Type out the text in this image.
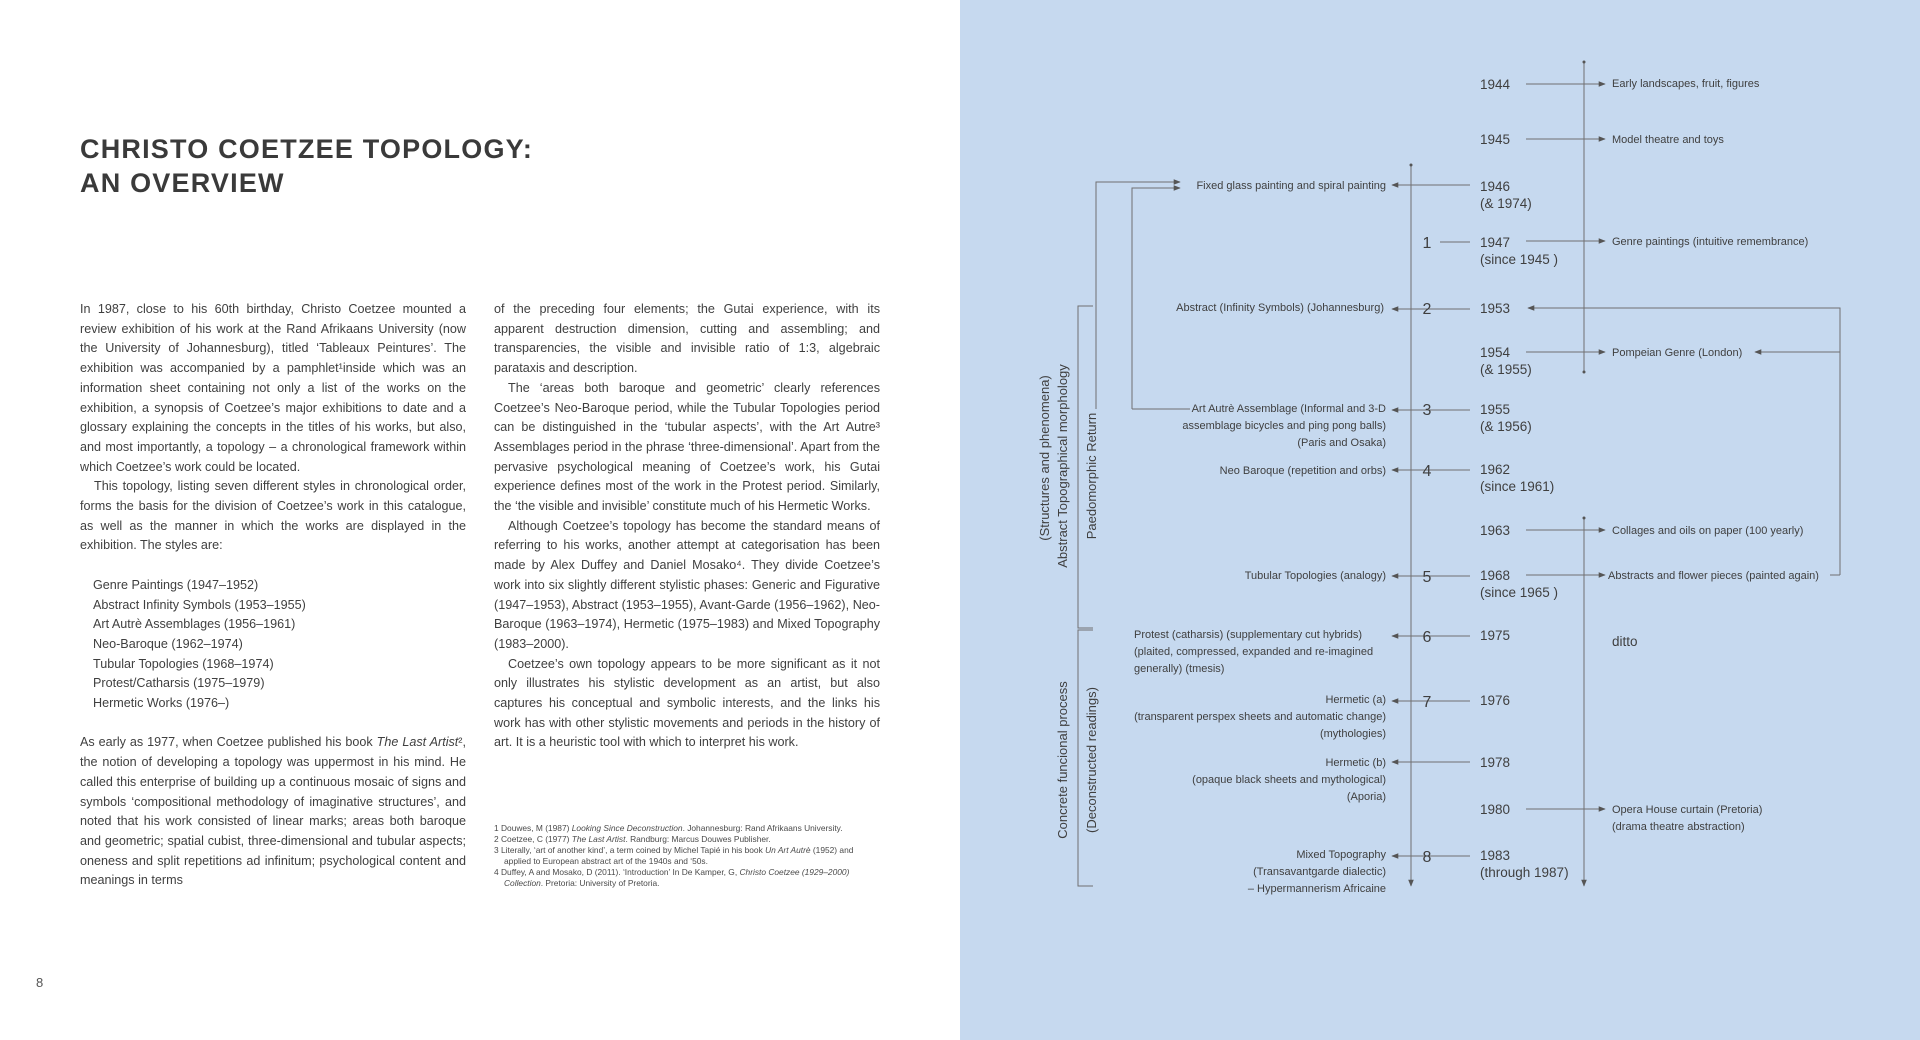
CHRISTO COETZEE TOPOLOGY:
AN OVERVIEW

In 1987, close to his 60th birthday, Christo Coetzee mounted a review exhibition of his work at the Rand Afrikaans University (now the University of Johannesburg), titled ‘Tableaux Peintures’. The exhibition was accompanied by a pamphlet¹inside which was an information sheet containing not only a list of the works on the exhibition, a synopsis of Coetzee’s major exhibitions to date and a glossary explaining the concepts in the titles of his works, but also, and most importantly, a topology – a chronological framework within which Coetzee’s work could be located.

This topology, listing seven different styles in chronological order, forms the basis for the division of Coetzee’s work in this catalogue, as well as the manner in which the works are displayed in the exhibition. The styles are:

Genre Paintings (1947–1952)
Abstract Infinity Symbols (1953–1955)
Art Autrè Assemblages (1956–1961)
Neo-Baroque (1962–1974)
Tubular Topologies (1968–1974)
Protest/Catharsis (1975–1979)
Hermetic Works (1976–)

As early as 1977, when Coetzee published his book The Last Artist², the notion of developing a topology was uppermost in his mind. He called this enterprise of building up a continuous mosaic of signs and symbols ‘compositional methodology of imaginative structures’, and noted that his work consisted of linear marks; areas both baroque and geometric; spatial cubist, three-dimensional and tubular aspects; oneness and split repetitions ad infinitum; psychological content and meanings in terms

of the preceding four elements; the Gutai experience, with its apparent destruction dimension, cutting and assembling; and transparencies, the visible and invisible ratio of 1:3, algebraic parataxis and description.

The ‘areas both baroque and geometric’ clearly references Coetzee’s Neo-Baroque period, while the Tubular Topologies period can be distinguished in the ‘tubular aspects’, with the Art Autre³ Assemblages period in the phrase ‘three-dimensional’. Apart from the pervasive psychological meaning of Coetzee’s work, his Gutai experience defines most of the work in the Protest period. Similarly, the ‘the visible and invisible’ constitute much of his Hermetic Works.

Although Coetzee’s topology has become the standard means of referring to his works, another attempt at categorisation has been made by Alex Duffey and Daniel Mosako⁴. They divide Coetzee’s work into six slightly different stylistic phases: Generic and Figurative (1947–1953), Abstract (1953–1955), Avant-Garde (1956–1962), Neo-Baroque (1963–1974), Hermetic (1975–1983) and Mixed Topography (1983–2000).

Coetzee’s own topology appears to be more significant as it not only illustrates his stylistic development as an artist, but also captures his conceptual and symbolic interests, and the links his work has with other stylistic movements and periods in the history of art. It is a heuristic tool with which to interpret his work.

1 Douwes, M (1987) Looking Since Deconstruction. Johannesburg: Rand Afrikaans University.
2 Coetzee, C (1977) The Last Artist. Randburg: Marcus Douwes Publisher.
3 Literally, ‘art of another kind’, a term coined by Michel Tapié in his book Un Art Autrè (1952) and applied to European abstract art of the 1940s and ‘50s.
4 Duffey, A and Mosako, D (2011). ‘Introduction’ In De Kamper, G, Christo Coetzee (1929–2000) Collection. Pretoria: University of Pretoria.
8
(Structures and phenomena) Abstract Topographical morphology Paedomorphic Return
Concrete funcional process (Deconstructed readings)
1944
1945
1946
(& 1974)
1947
(since 1945 )
1953
1954
(& 1955)
1955
(& 1956)
1962
(since 1961)
1963
1968
(since 1965 )
1975
1976
1978
1980
1983
(through 1987)
1
2
3
4
5
6
7
8
Fixed glass painting and spiral painting
Abstract (Infinity Symbols) (Johannesburg)
Art Autrè Assemblage (Informal and 3-D
assemblage bicycles and ping pong balls)
(Paris and Osaka)
Neo Baroque (repetition and orbs)
Tubular Topologies (analogy)
Protest (catharsis) (supplementary cut hybrids)
(plaited, compressed, expanded and re-imagined
generally) (tmesis)
Hermetic (a)
(transparent perspex sheets and automatic change)
(mythologies)
Hermetic (b)
(opaque black sheets and mythological)
(Aporia)
Mixed Topography
(Transavantgarde dialectic)
– Hypermannerism Africaine
Early landscapes, fruit, figures
Model theatre and toys
Genre paintings (intuitive remembrance)
Pompeian Genre (London)
Collages and oils on paper (100 yearly)
Abstracts and flower pieces (painted again)
ditto
Opera House curtain (Pretoria)
(drama theatre abstraction)
